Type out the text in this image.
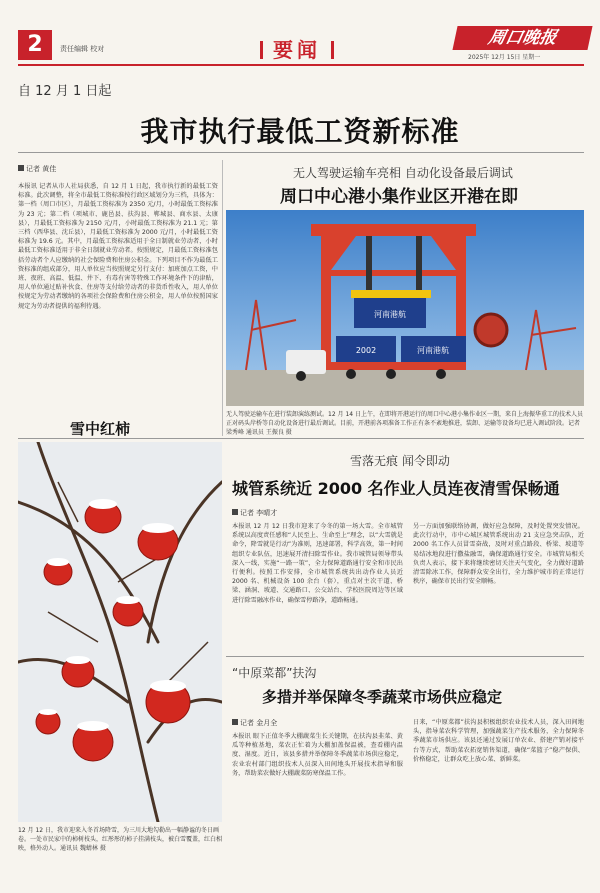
2	责任编辑 校对	要闻	周口晚报
2025年 12月 15日 星期一
自 12 月 1 日起
我市执行最低工资新标准
记者 黄佳
本报讯 记者从市人社局获悉，自 12 月 1 日起，我市执行新的最低工资标准。此次调整，将全市最低工资标准按行政区域划分为三档，具体为：第一档（周口市区），月最低工资标准为 2350 元/月，小时最低工资标准为 23 元；第二档（项城市、鹿邑县、扶沟县、郸城县、商水县、太康县），月最低工资标准为 2150 元/月，小时最低工资标准为 21.1 元；第三档（西华县、沈丘县），月最低工资标准为 2000 元/月，小时最低工资标准为 19.6 元。其中，月最低工资标准适用于全日制就业劳动者，小时最低工资标准适用于非全日制就业劳动者。按照规定，月最低工资标准包括劳动者个人应缴纳的社会保险费和住房公积金。下列项目不作为最低工资标准的组成部分，用人单位应当按照规定另行支付：加班加点工资，中班、夜班、高温、低温、井下、有毒有害等特殊工作环境条件下的津贴，用人单位通过贴补伙食、住房等支付给劳动者的非货币性收入，用人单位按规定为劳动者缴纳的各项社会保险费和住房公积金，用人单位按照国家规定为劳动者提供的福利待遇。
无人驾驶运输车亮相 自动化设备最后调试
周口中心港小集作业区开港在即
河南港航
2002	河南港航
无人驾驶运输车在进行装卸演练测试。12 月 14 日上午，在即将开港运行的周口中心港小集作业区一期，来自上海振华重工的技术人员正对码头岸桥等自动化设备进行最后调试。目前，开港前各项准备工作正有条不紊地推进，装卸、运输等设备均已进入调试阶段。记者 梁秀峰 通讯员 王振良 摄
雪中红柿
12 月 12 日，我市迎来入冬首场降雪，为三川大地勾勒出一幅静谧的冬日画卷。一处市民家中的柿树枝头，红彤彤的柿子挂满枝头，被白雪覆盖，红白相映，格外动人。通讯员 魏蜻林 摄
雪落无痕 闻令即动
城管系统近 2000 名作业人员连夜清雪保畅通
记者 李晴才
本报讯 12 月 12 日我市迎来了今冬的第一场大雪。全市城管系统以高度责任感和“人民至上、生命至上”理念，以“大雪就是命令，降雪就是行动”为准则，迅速部署，科学高效，第一时间组织专业队伍，迅速展开清扫除雪作业。我市城管局领导带头深入一线，实施“一路一策”，全力保障道路通行安全和市民出行便利。按照工作安排，全市城管系统共出动作业人员近 2000 名、机械设备 100 余台（套），重点对主次干道、桥梁、涵洞、坡道、交通路口、公交站台、学校医院周边等区域进行除雪融冰作业，确保雪停路净，道路畅通。
另一方面加强联络协调，做好应急保障，及时处置突发情况。此次行动中，市中心城区城管系统出动 21 支应急突击队，近 2000 名工作人员冒雪奋战，及时对重点路段、桥梁、坡道等易结冰地段进行撒盐融雪，确保道路通行安全。市城管局相关负责人表示，接下来将继续密切关注天气变化，全力做好道路清雪除冰工作，保障群众安全出行，全力维护城市的正常运行秩序，确保市民出行安全顺畅。
“中原菜都”扶沟
多措并举保障冬季蔬菜市场供应稳定
记者 金月全
本报讯 眼下正值冬季大棚蔬菜生长关键期，在扶沟县韭菜、黄瓜等种植基地，菜农正忙着为大棚加盖保温被，查看棚内温度、湿度。近日，该县多措并举保障冬季蔬菜市场供应稳定，农业农村部门组织技术人员深入田间地头开展技术指导和服务，帮助菜农做好大棚蔬菜防寒保温工作。
日来，“中原菜都”扶沟县积极组织农业技术人员，深入田间地头，指导菜农科学管理，加强蔬菜生产技术服务，全力保障冬季蔬菜市场供应。该县还通过发展订单农业、搭建产销对接平台等方式，帮助菜农拓宽销售渠道，确保“菜篮子”稳产保供、价格稳定，让群众吃上放心菜、新鲜菜。
